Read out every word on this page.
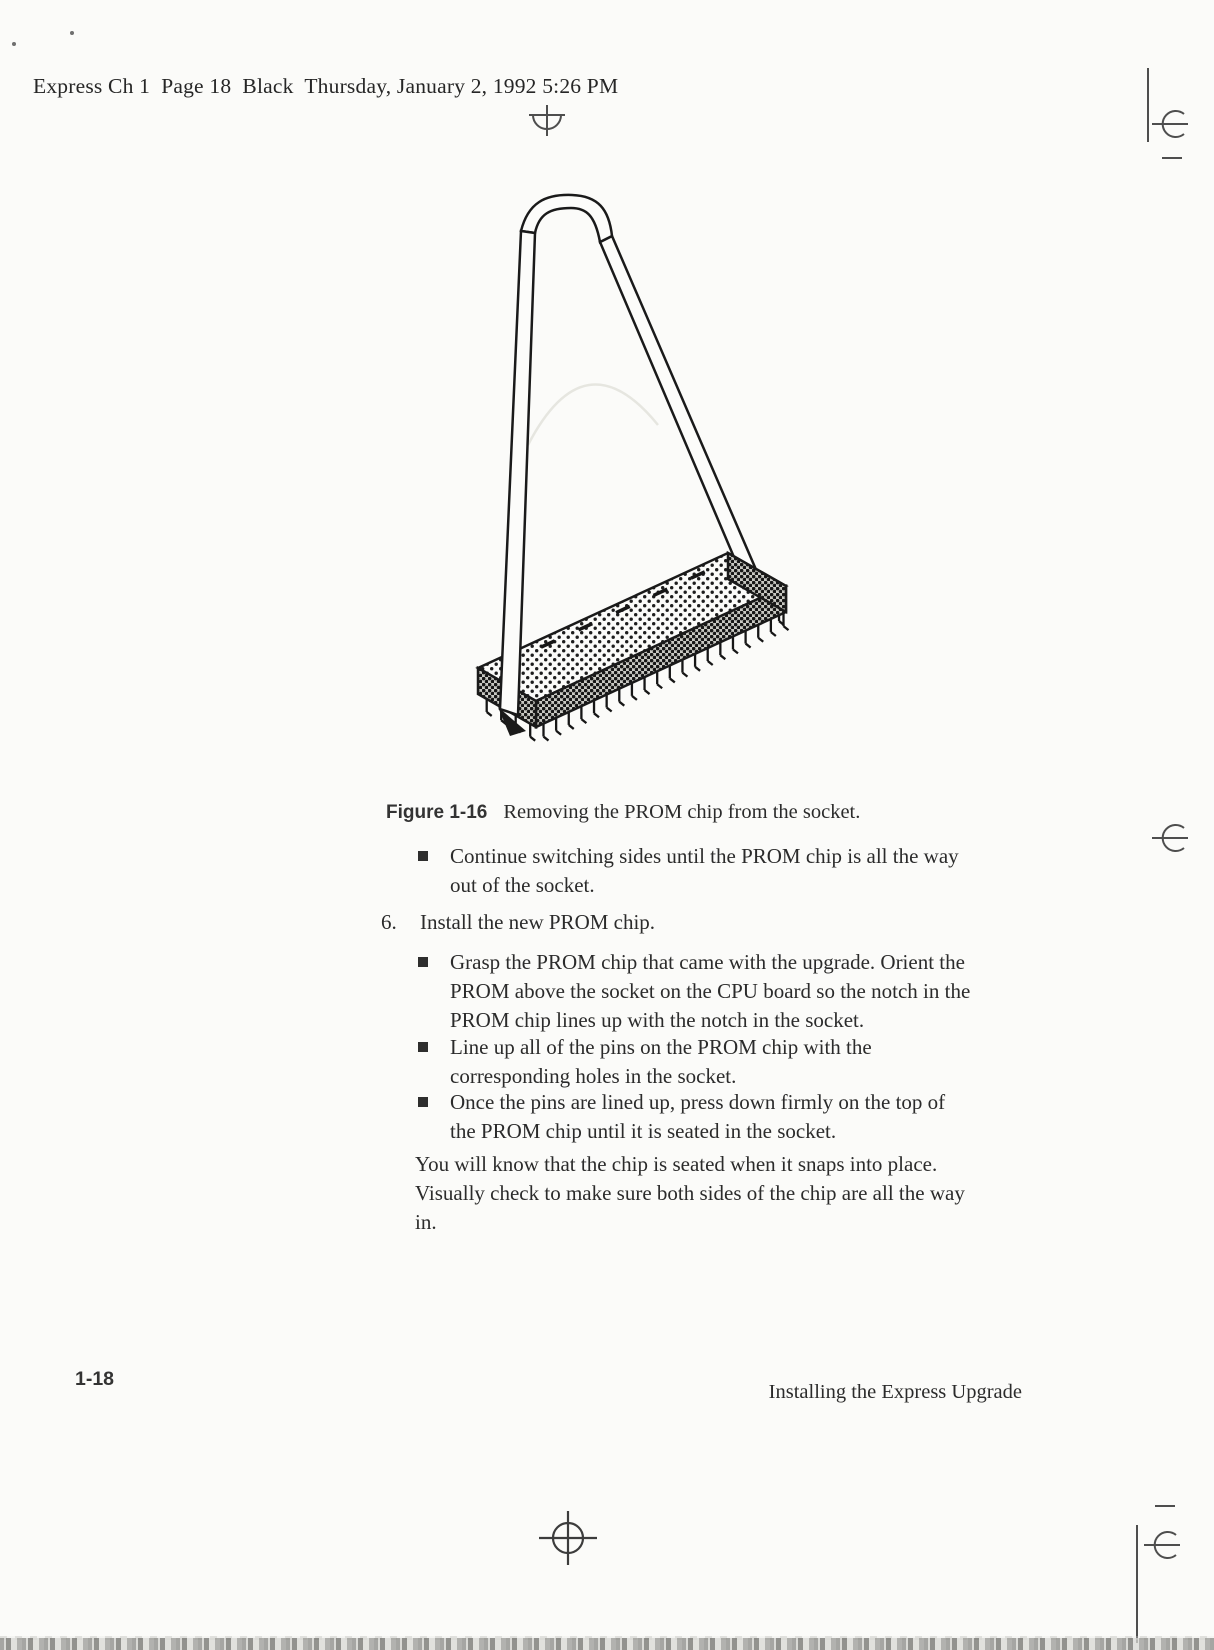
Express Ch 1  Page 18  Black  Thursday, January 2, 1992 5:26 PM
Figure 1-16 Removing the PROM chip from the socket.
Continue switching sides until the PROM chip is all the way
out of the socket.
6.	Install the new PROM chip.
Grasp the PROM chip that came with the upgrade. Orient the
PROM above the socket on the CPU board so the notch in the
PROM chip lines up with the notch in the socket.
Line up all of the pins on the PROM chip with the
corresponding holes in the socket.
Once the pins are lined up, press down firmly on the top of
the PROM chip until it is seated in the socket.
You will know that the chip is seated when it snaps into place.
Visually check to make sure both sides of the chip are all the way
in.
1-18
Installing the Express Upgrade
